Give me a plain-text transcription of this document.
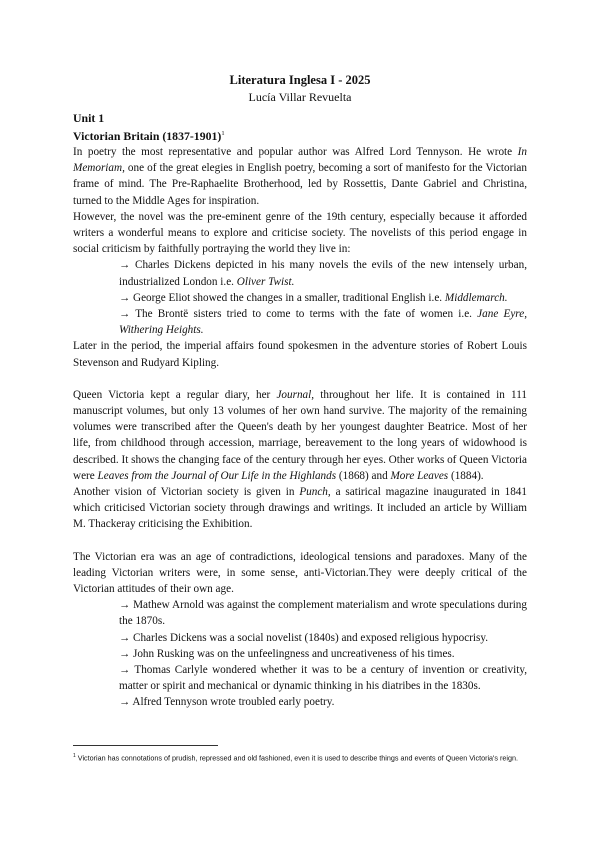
Literatura Inglesa I - 2025
Lucía Villar Revuelta
Unit 1
Victorian Britain (1837-1901)$^1$

In poetry the most representative and popular author was Alfred Lord Tennyson. He wrote In Memoriam, one of the great elegies in English poetry, becoming a sort of manifesto for the Victorian frame of mind. The Pre-Raphaelite Brotherhood, led by Rossettis, Dante Gabriel and Christina, turned to the Middle Ages for inspiration.

However, the novel was the pre-eminent genre of the 19th century, especially because it afforded writers a wonderful means to explore and criticise society. The novelists of this period engage in social criticism by faithfully portraying the world they live in:

→ Charles Dickens depicted in his many novels the evils of the new intensely urban, industrialized London i.e. Oliver Twist.

→ George Eliot showed the changes in a smaller, traditional English i.e. Middlemarch.

→ The Brontë sisters tried to come to terms with the fate of women i.e. Jane Eyre, Withering Heights.

Later in the period, the imperial affairs found spokesmen in the adventure stories of Robert Louis Stevenson and Rudyard Kipling.

Queen Victoria kept a regular diary, her Journal, throughout her life. It is contained in 111 manuscript volumes, but only 13 volumes of her own hand survive. The majority of the remaining volumes were transcribed after the Queen's death by her youngest daughter Beatrice. Most of her life, from childhood through accession, marriage, bereavement to the long years of widowhood is described. It shows the changing face of the century through her eyes. Other works of Queen Victoria were Leaves from the Journal of Our Life in the Highlands (1868) and More Leaves (1884).

Another vision of Victorian society is given in Punch, a satirical magazine inaugurated in 1841 which criticised Victorian society through drawings and writings. It included an article by William M. Thackeray criticising the Exhibition.

The Victorian era was an age of contradictions, ideological tensions and paradoxes. Many of the leading Victorian writers were, in some sense, anti-Victorian.They were deeply critical of the Victorian attitudes of their own age.

→ Mathew Arnold was against the complement materialism and wrote speculations during the 1870s.

→ Charles Dickens was a social novelist (1840s) and exposed religious hypocrisy.

→ John Rusking was on the unfeelingness and uncreativeness of his times.

→ Thomas Carlyle wondered whether it was to be a century of invention or creativity, matter or spirit and mechanical or dynamic thinking in his diatribes in the 1830s.

→ Alfred Tennyson wrote troubled early poetry.

$^1$ Victorian has connotations of prudish, repressed and old fashioned, even it is used to describe things and events of Queen Victoria's reign.
